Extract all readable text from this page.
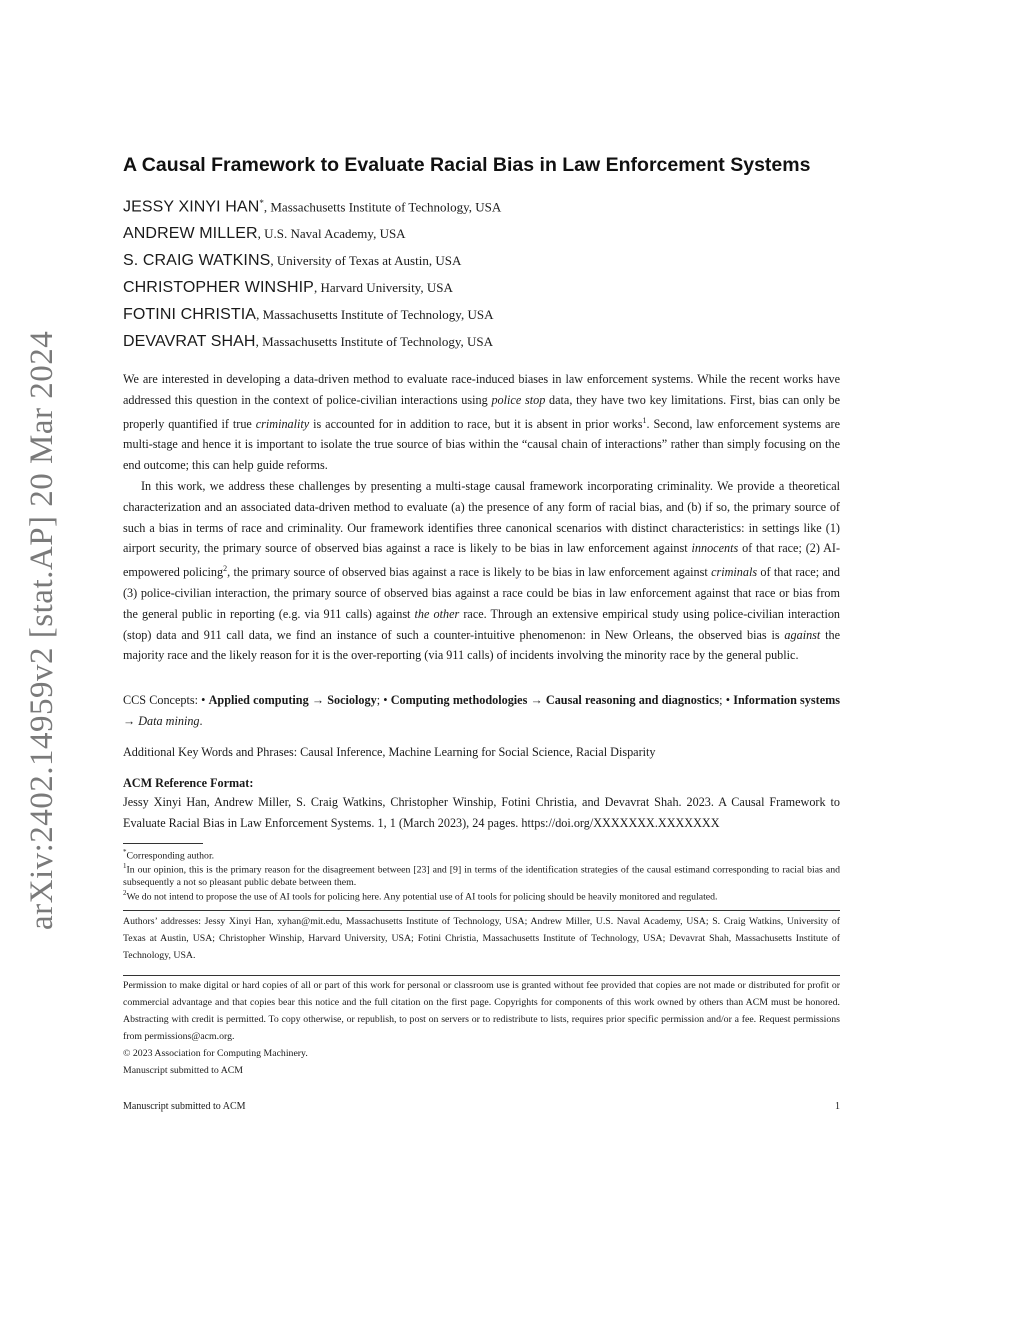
arXiv:2402.14959v2 [stat.AP] 20 Mar 2024
A Causal Framework to Evaluate Racial Bias in Law Enforcement Systems
JESSY XINYI HAN*, Massachusetts Institute of Technology, USA
ANDREW MILLER, U.S. Naval Academy, USA
S. CRAIG WATKINS, University of Texas at Austin, USA
CHRISTOPHER WINSHIP, Harvard University, USA
FOTINI CHRISTIA, Massachusetts Institute of Technology, USA
DEVAVRAT SHAH, Massachusetts Institute of Technology, USA

We are interested in developing a data-driven method to evaluate race-induced biases in law enforcement systems. While the recent works have addressed this question in the context of police-civilian interactions using police stop data, they have two key limitations. First, bias can only be properly quantified if true criminality is accounted for in addition to race, but it is absent in prior works$^1$. Second, law enforcement systems are multi-stage and hence it is important to isolate the true source of bias within the “causal chain of interactions” rather than simply focusing on the end outcome; this can help guide reforms.

In this work, we address these challenges by presenting a multi-stage causal framework incorporating criminality. We provide a theoretical characterization and an associated data-driven method to evaluate (a) the presence of any form of racial bias, and (b) if so, the primary source of such a bias in terms of race and criminality. Our framework identifies three canonical scenarios with distinct characteristics: in settings like (1) airport security, the primary source of observed bias against a race is likely to be bias in law enforcement against innocents of that race; (2) AI-empowered policing$^2$, the primary source of observed bias against a race is likely to be bias in law enforcement against criminals of that race; and (3) police-civilian interaction, the primary source of observed bias against a race could be bias in law enforcement against that race or bias from the general public in reporting (e.g. via 911 calls) against the other race. Through an extensive empirical study using police-civilian interaction (stop) data and 911 call data, we find an instance of such a counter-intuitive phenomenon: in New Orleans, the observed bias is against the majority race and the likely reason for it is the over-reporting (via 911 calls) of incidents involving the minority race by the general public.

CCS Concepts: • Applied computing → Sociology; • Computing methodologies → Causal reasoning and diagnostics; • Information systems → Data mining.
Additional Key Words and Phrases: Causal Inference, Machine Learning for Social Science, Racial Disparity
ACM Reference Format:
Jessy Xinyi Han, Andrew Miller, S. Craig Watkins, Christopher Winship, Fotini Christia, and Devavrat Shah. 2023. A Causal Framework to Evaluate Racial Bias in Law Enforcement Systems. 1, 1 (March 2023), 24 pages. https://doi.org/XXXXXXX.XXXXXXX
*Corresponding author.
$^1$In our opinion, this is the primary reason for the disagreement between [23] and [9] in terms of the identification strategies of the causal estimand corresponding to racial bias and subsequently a not so pleasant public debate between them.
$^2$We do not intend to propose the use of AI tools for policing here. Any potential use of AI tools for policing should be heavily monitored and regulated.
Authors’ addresses: Jessy Xinyi Han, xyhan@mit.edu, Massachusetts Institute of Technology, USA; Andrew Miller, U.S. Naval Academy, USA; S. Craig Watkins, University of Texas at Austin, USA; Christopher Winship, Harvard University, USA; Fotini Christia, Massachusetts Institute of Technology, USA; Devavrat Shah, Massachusetts Institute of Technology, USA.
Permission to make digital or hard copies of all or part of this work for personal or classroom use is granted without fee provided that copies are not made or distributed for profit or commercial advantage and that copies bear this notice and the full citation on the first page. Copyrights for components of this work owned by others than ACM must be honored. Abstracting with credit is permitted. To copy otherwise, or republish, to post on servers or to redistribute to lists, requires prior specific permission and/or a fee. Request permissions from permissions@acm.org.
© 2023 Association for Computing Machinery.
Manuscript submitted to ACM
Manuscript submitted to ACM	1
